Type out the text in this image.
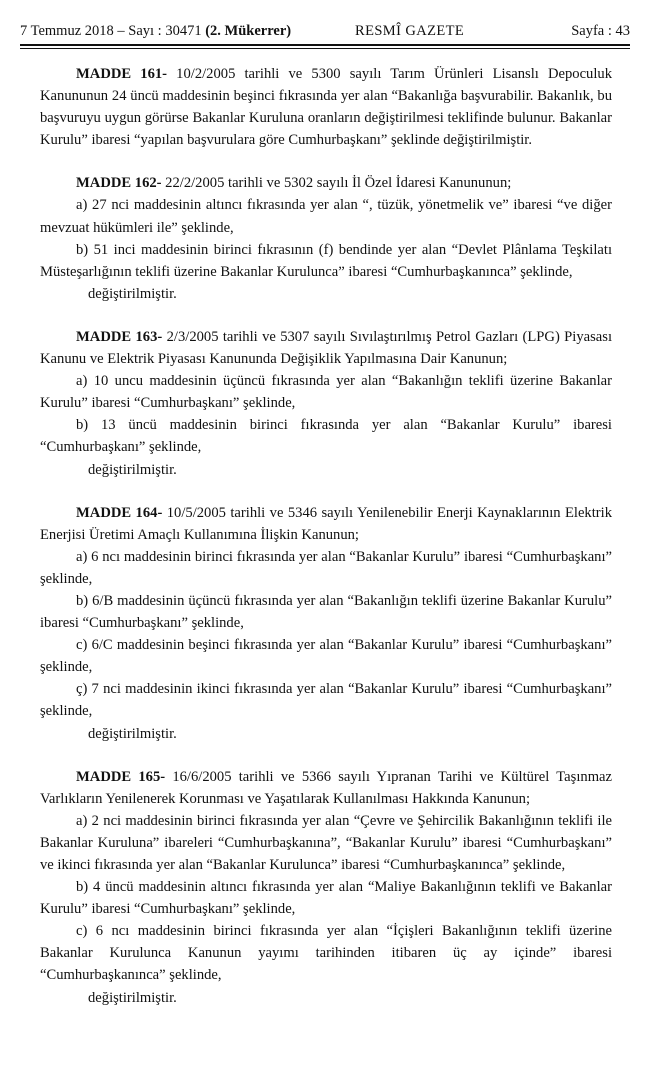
7 Temmuz 2018 – Sayı : 30471 (2. Mükerrer)	RESMÎ GAZETE	Sayfa : 43

MADDE 161- 10/2/2005 tarihli ve 5300 sayılı Tarım Ürünleri Lisanslı Depoculuk Kanununun 24 üncü maddesinin beşinci fıkrasında yer alan “Bakanlığa başvurabilir. Bakanlık, bu başvuruyu uygun görürse Bakanlar Kuruluna oranların değiştirilmesi teklifinde bulunur. Bakanlar Kurulu” ibaresi “yapılan başvurulara göre Cumhurbaşkanı” şeklinde değiştirilmiştir.

MADDE 162- 22/2/2005 tarihli ve 5302 sayılı İl Özel İdaresi Kanununun;

a) 27 nci maddesinin altıncı fıkrasında yer alan “, tüzük, yönetmelik ve” ibaresi “ve diğer mevzuat hükümleri ile” şeklinde,

b) 51 inci maddesinin birinci fıkrasının (f) bendinde yer alan “Devlet Plânlama Teşkilatı Müsteşarlığının teklifi üzerine Bakanlar Kurulunca” ibaresi “Cumhurbaşkanınca” şeklinde,

değiştirilmiştir.

MADDE 163- 2/3/2005 tarihli ve 5307 sayılı Sıvılaştırılmış Petrol Gazları (LPG) Piyasası Kanunu ve Elektrik Piyasası Kanununda Değişiklik Yapılmasına Dair Kanunun;

a) 10 uncu maddesinin üçüncü fıkrasında yer alan “Bakanlığın teklifi üzerine Bakanlar Kurulu” ibaresi “Cumhurbaşkanı” şeklinde,

b) 13 üncü maddesinin birinci fıkrasında yer alan “Bakanlar Kurulu” ibaresi “Cumhurbaşkanı” şeklinde,

değiştirilmiştir.

MADDE 164- 10/5/2005 tarihli ve 5346 sayılı Yenilenebilir Enerji Kaynaklarının Elektrik Enerjisi Üretimi Amaçlı Kullanımına İlişkin Kanunun;

a) 6 ncı maddesinin birinci fıkrasında yer alan “Bakanlar Kurulu” ibaresi “Cumhurbaşkanı” şeklinde,

b) 6/B maddesinin üçüncü fıkrasında yer alan “Bakanlığın teklifi üzerine Bakanlar Kurulu” ibaresi “Cumhurbaşkanı” şeklinde,

c) 6/C maddesinin beşinci fıkrasında yer alan “Bakanlar Kurulu” ibaresi “Cumhurbaşkanı” şeklinde,

ç) 7 nci maddesinin ikinci fıkrasında yer alan “Bakanlar Kurulu” ibaresi “Cumhurbaşkanı” şeklinde,

değiştirilmiştir.

MADDE 165- 16/6/2005 tarihli ve 5366 sayılı Yıpranan Tarihi ve Kültürel Taşınmaz Varlıkların Yenilenerek Korunması ve Yaşatılarak Kullanılması Hakkında Kanunun;

a) 2 nci maddesinin birinci fıkrasında yer alan “Çevre ve Şehircilik Bakanlığının teklifi ile Bakanlar Kuruluna” ibareleri “Cumhurbaşkanına”, “Bakanlar Kurulu” ibaresi “Cumhurbaşkanı” ve ikinci fıkrasında yer alan “Bakanlar Kurulunca” ibaresi “Cumhurbaşkanınca” şeklinde,

b) 4 üncü maddesinin altıncı fıkrasında yer alan “Maliye Bakanlığının teklifi ve Bakanlar Kurulu” ibaresi “Cumhurbaşkanı” şeklinde,

c) 6 ncı maddesinin birinci fıkrasında yer alan “İçişleri Bakanlığının teklifi üzerine Bakanlar Kurulunca Kanunun yayımı tarihinden itibaren üç ay içinde” ibaresi “Cumhurbaşkanınca” şeklinde,

değiştirilmiştir.
